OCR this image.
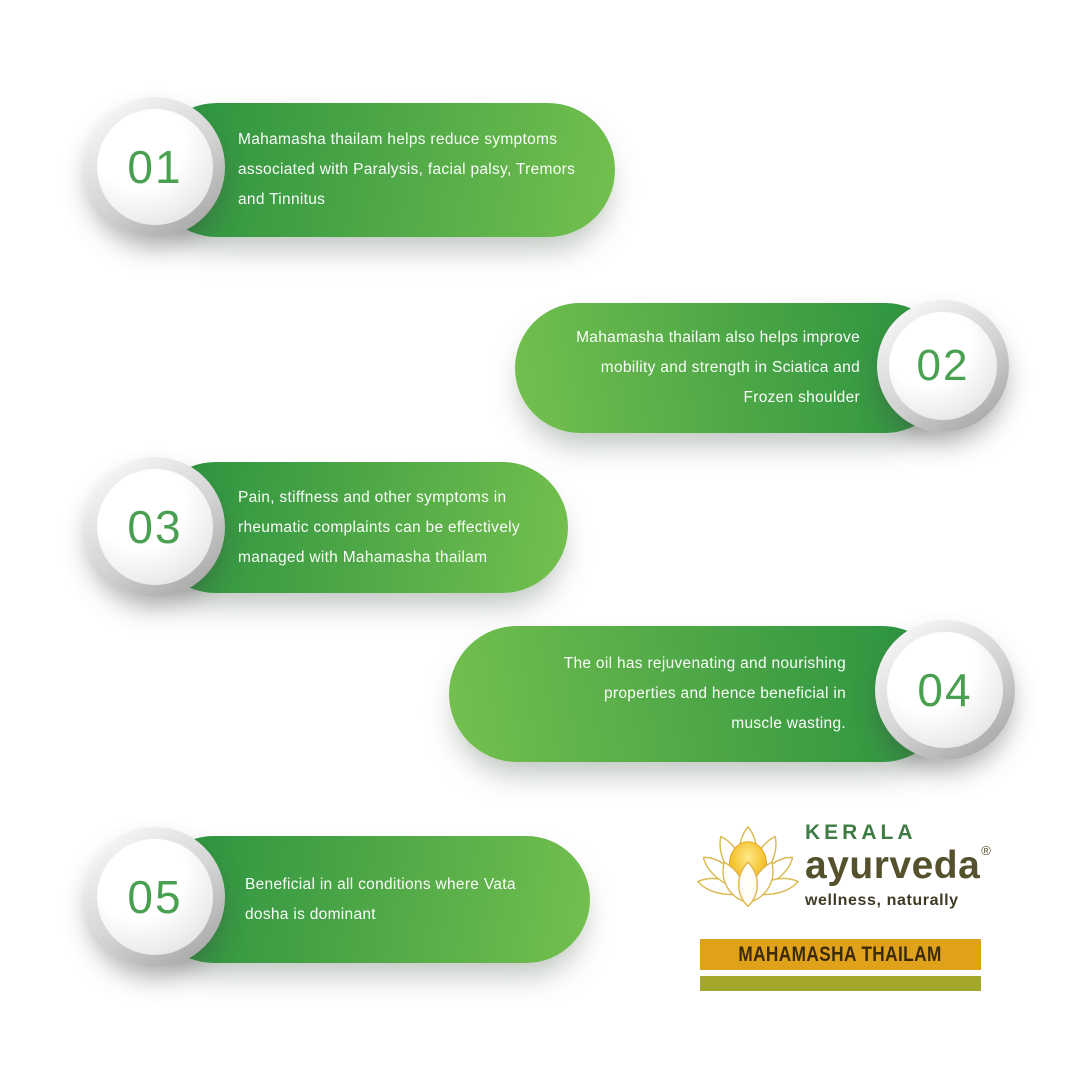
Mahamasha thailam helps reduce symptoms
associated with Paralysis, facial palsy, Tremors
and Tinnitus
01
Mahamasha thailam also helps improve
mobility and strength in Sciatica and
Frozen shoulder
02
Pain, stiffness and other symptoms in
rheumatic complaints can be effectively
managed with Mahamasha thailam
03
The oil has rejuvenating and nourishing
properties and hence beneficial in
muscle wasting.
04
Beneficial in all conditions where Vata
dosha is dominant
05
KERALA
ayurveda®
wellness, naturally
MAHAMASHA THAILAM
